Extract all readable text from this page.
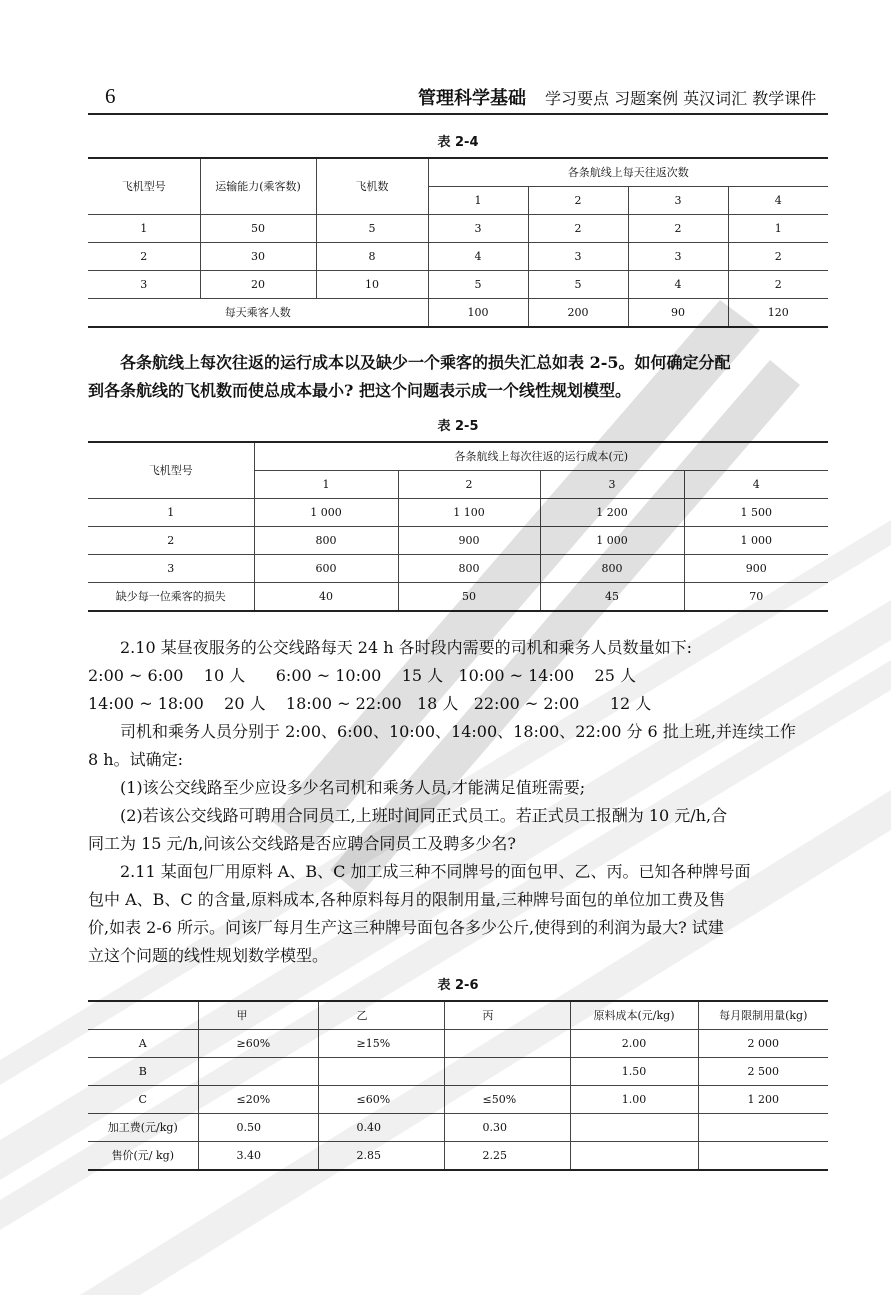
6	管理科学基础 学习要点 习题案例 英汉词汇 教学课件
表 2-4
飞机型号	运输能力(乘客数)	飞机数	各条航线上每天往返次数			
			1	2	3	4
1	50	5	3	2	2	1
2	30	8	4	3	3	2
3	20	10	5	5	4	2
每天乘客人数			100	200	90	120
各条航线上每次往返的运行成本以及缺少一个乘客的损失汇总如表 2-5。如何确定分配
到各条航线的飞机数而使总成本最小? 把这个问题表示成一个线性规划模型。
表 2-5
飞机型号	各条航线上每次往返的运行成本(元)			
	1	2	3	4
1	1 000	1 100	1 200	1 500
2	800	900	1 000	1 000
3	600	800	800	900
缺少每一位乘客的损失	40	50	45	70
2.10 某昼夜服务的公交线路每天 24 h 各时段内需要的司机和乘务人员数量如下:
2:00 ~ 6:00    10 人      6:00 ~ 10:00    15 人   10:00 ~ 14:00    25 人
14:00 ~ 18:00    20 人    18:00 ~ 22:00   18 人   22:00 ~ 2:00      12 人
司机和乘务人员分别于 2:00、6:00、10:00、14:00、18:00、22:00 分 6 批上班,并连续工作
8 h。试确定:
(1)该公交线路至少应设多少名司机和乘务人员,才能满足值班需要;
(2)若该公交线路可聘用合同员工,上班时间同正式员工。若正式员工报酬为 10 元/h,合
同工为 15 元/h,问该公交线路是否应聘合同员工及聘多少名?
2.11 某面包厂用原料 A、B、C 加工成三种不同牌号的面包甲、乙、丙。已知各种牌号面
包中 A、B、C 的含量,原料成本,各种原料每月的限制用量,三种牌号面包的单位加工费及售
价,如表 2-6 所示。问该厂每月生产这三种牌号面包各多少公斤,使得到的利润为最大? 试建
立这个问题的线性规划数学模型。
表 2-6
	甲	乙	丙	原料成本(元/kg)	每月限制用量(kg)
A	≥60%	≥15%		2.00	2 000
B				1.50	2 500
C	≤20%	≤60%	≤50%	1.00	1 200
加工费(元/kg)	0.50	0.40	0.30		
售价(元/ kg)	3.40	2.85	2.25		
